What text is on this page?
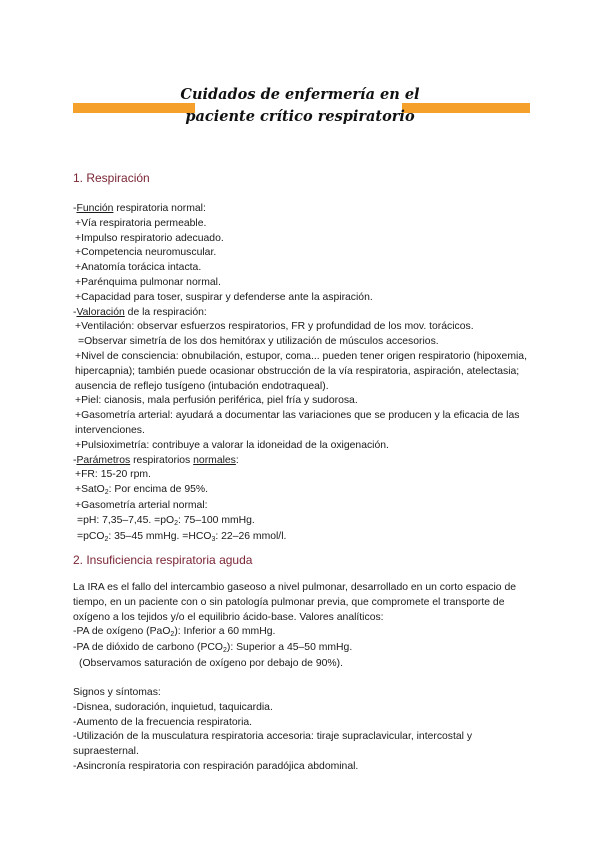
Cuidados de enfermería en el
paciente crítico respiratorio
1. Respiración
-Función respiratoria normal:
+Vía respiratoria permeable.
+Impulso respiratorio adecuado.
+Competencia neuromuscular.
+Anatomía torácica intacta.
+Parénquima pulmonar normal.
+Capacidad para toser, suspirar y defenderse ante la aspiración.
-Valoración de la respiración:
+Ventilación: observar esfuerzos respiratorios, FR y profundidad de los mov. torácicos.
=Observar simetría de los dos hemitórax y utilización de músculos accesorios.
+Nivel de consciencia: obnubilación, estupor, coma... pueden tener origen respiratorio (hipoxemia, hipercapnia); también puede ocasionar obstrucción de la vía respiratoria, aspiración, atelectasia; ausencia de reflejo tusígeno (intubación endotraqueal).
+Piel: cianosis, mala perfusión periférica, piel fría y sudorosa.
+Gasometría arterial: ayudará a documentar las variaciones que se producen y la eficacia de las intervenciones.
+Pulsioximetría: contribuye a valorar la idoneidad de la oxigenación.
-Parámetros respiratorios normales:
+FR: 15-20 rpm.
+SatO$_2$: Por encima de 95%.
+Gasometría arterial normal:
=pH: 7,35–7,45. $=pO_2$: 75–100 mmHg.
=pCO$_2$: 35–45 mmHg. $=HCO_3$: 22–26 mmol/l.
2. Insuficiencia respiratoria aguda
La IRA es el fallo del intercambio gaseoso a nivel pulmonar, desarrollado en un corto espacio de tiempo, en un paciente con o sin patología pulmonar previa, que compromete el transporte de oxígeno a los tejidos y/o el equilibrio ácido-base. Valores analíticos:
-PA de oxígeno (PaO$_2$): Inferior a 60 mmHg.
-PA de dióxido de carbono $(PCO_2)$: Superior a 45–50 mmHg.
(Observamos saturación de oxígeno por debajo de 90%).
Signos y síntomas:
-Disnea, sudoración, inquietud, taquicardia.
-Aumento de la frecuencia respiratoria.
-Utilización de la musculatura respiratoria accesoria: tiraje supraclavicular, intercostal y supraesternal.
-Asincronía respiratoria con respiración paradójica abdominal.
